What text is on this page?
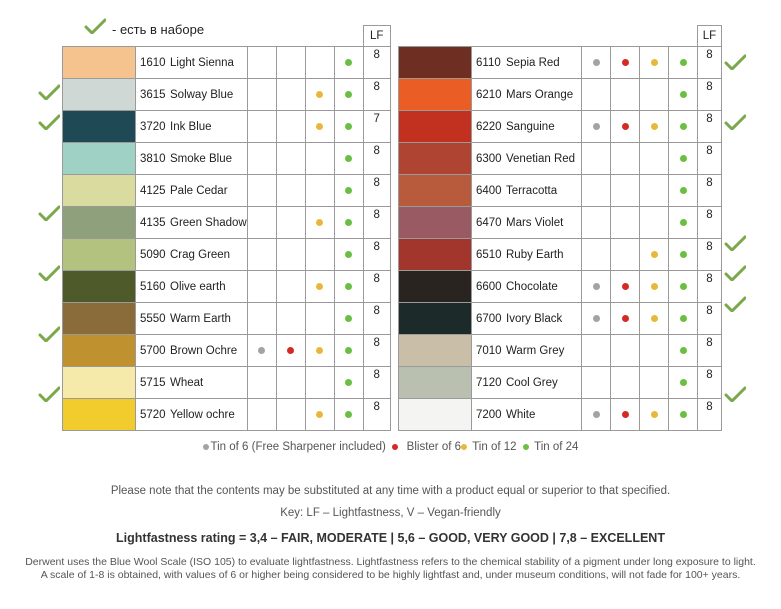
- есть в наборе
						LF
	1610 Light Sienna					8
	3615 Solway Blue					8
	3720 Ink Blue					7
	3810 Smoke Blue					8
	4125 Pale Cedar					8
	4135 Green Shadow					8
	5090 Crag Green					8
	5160 Olive earth					8
	5550 Warm Earth					8
	5700 Brown Ochre					8
	5715 Wheat					8
	5720 Yellow ochre					8
						LF
	6110 Sepia Red					8
	6210 Mars Orange					8
	6220 Sanguine					8
	6300 Venetian Red					8
	6400 Terracotta					8
	6470 Mars Violet					8
	6510 Ruby Earth					8
	6600 Chocolate					8
	6700 Ivory Black					8
	7010 Warm Grey					8
	7120 Cool Grey					8
	7200 White					8
Tin of 6 (Free Sharpener included) Blister of 6 Tin of 12 Tin of 24
Please note that the contents may be substituted at any time with a product equal or superior to that specified.
Key: LF – Lightfastness, V – Vegan-friendly
Lightfastness rating = 3,4 – FAIR, MODERATE | 5,6 – GOOD, VERY GOOD | 7,8 – EXCELLENT
Derwent uses the Blue Wool Scale (ISO 105) to evaluate lightfastness. Lightfastness refers to the chemical stability of a pigment under long exposure to light.
A scale of 1-8 is obtained, with values of 6 or higher being considered to be highly lightfast and, under museum conditions, will not fade for 100+ years.
